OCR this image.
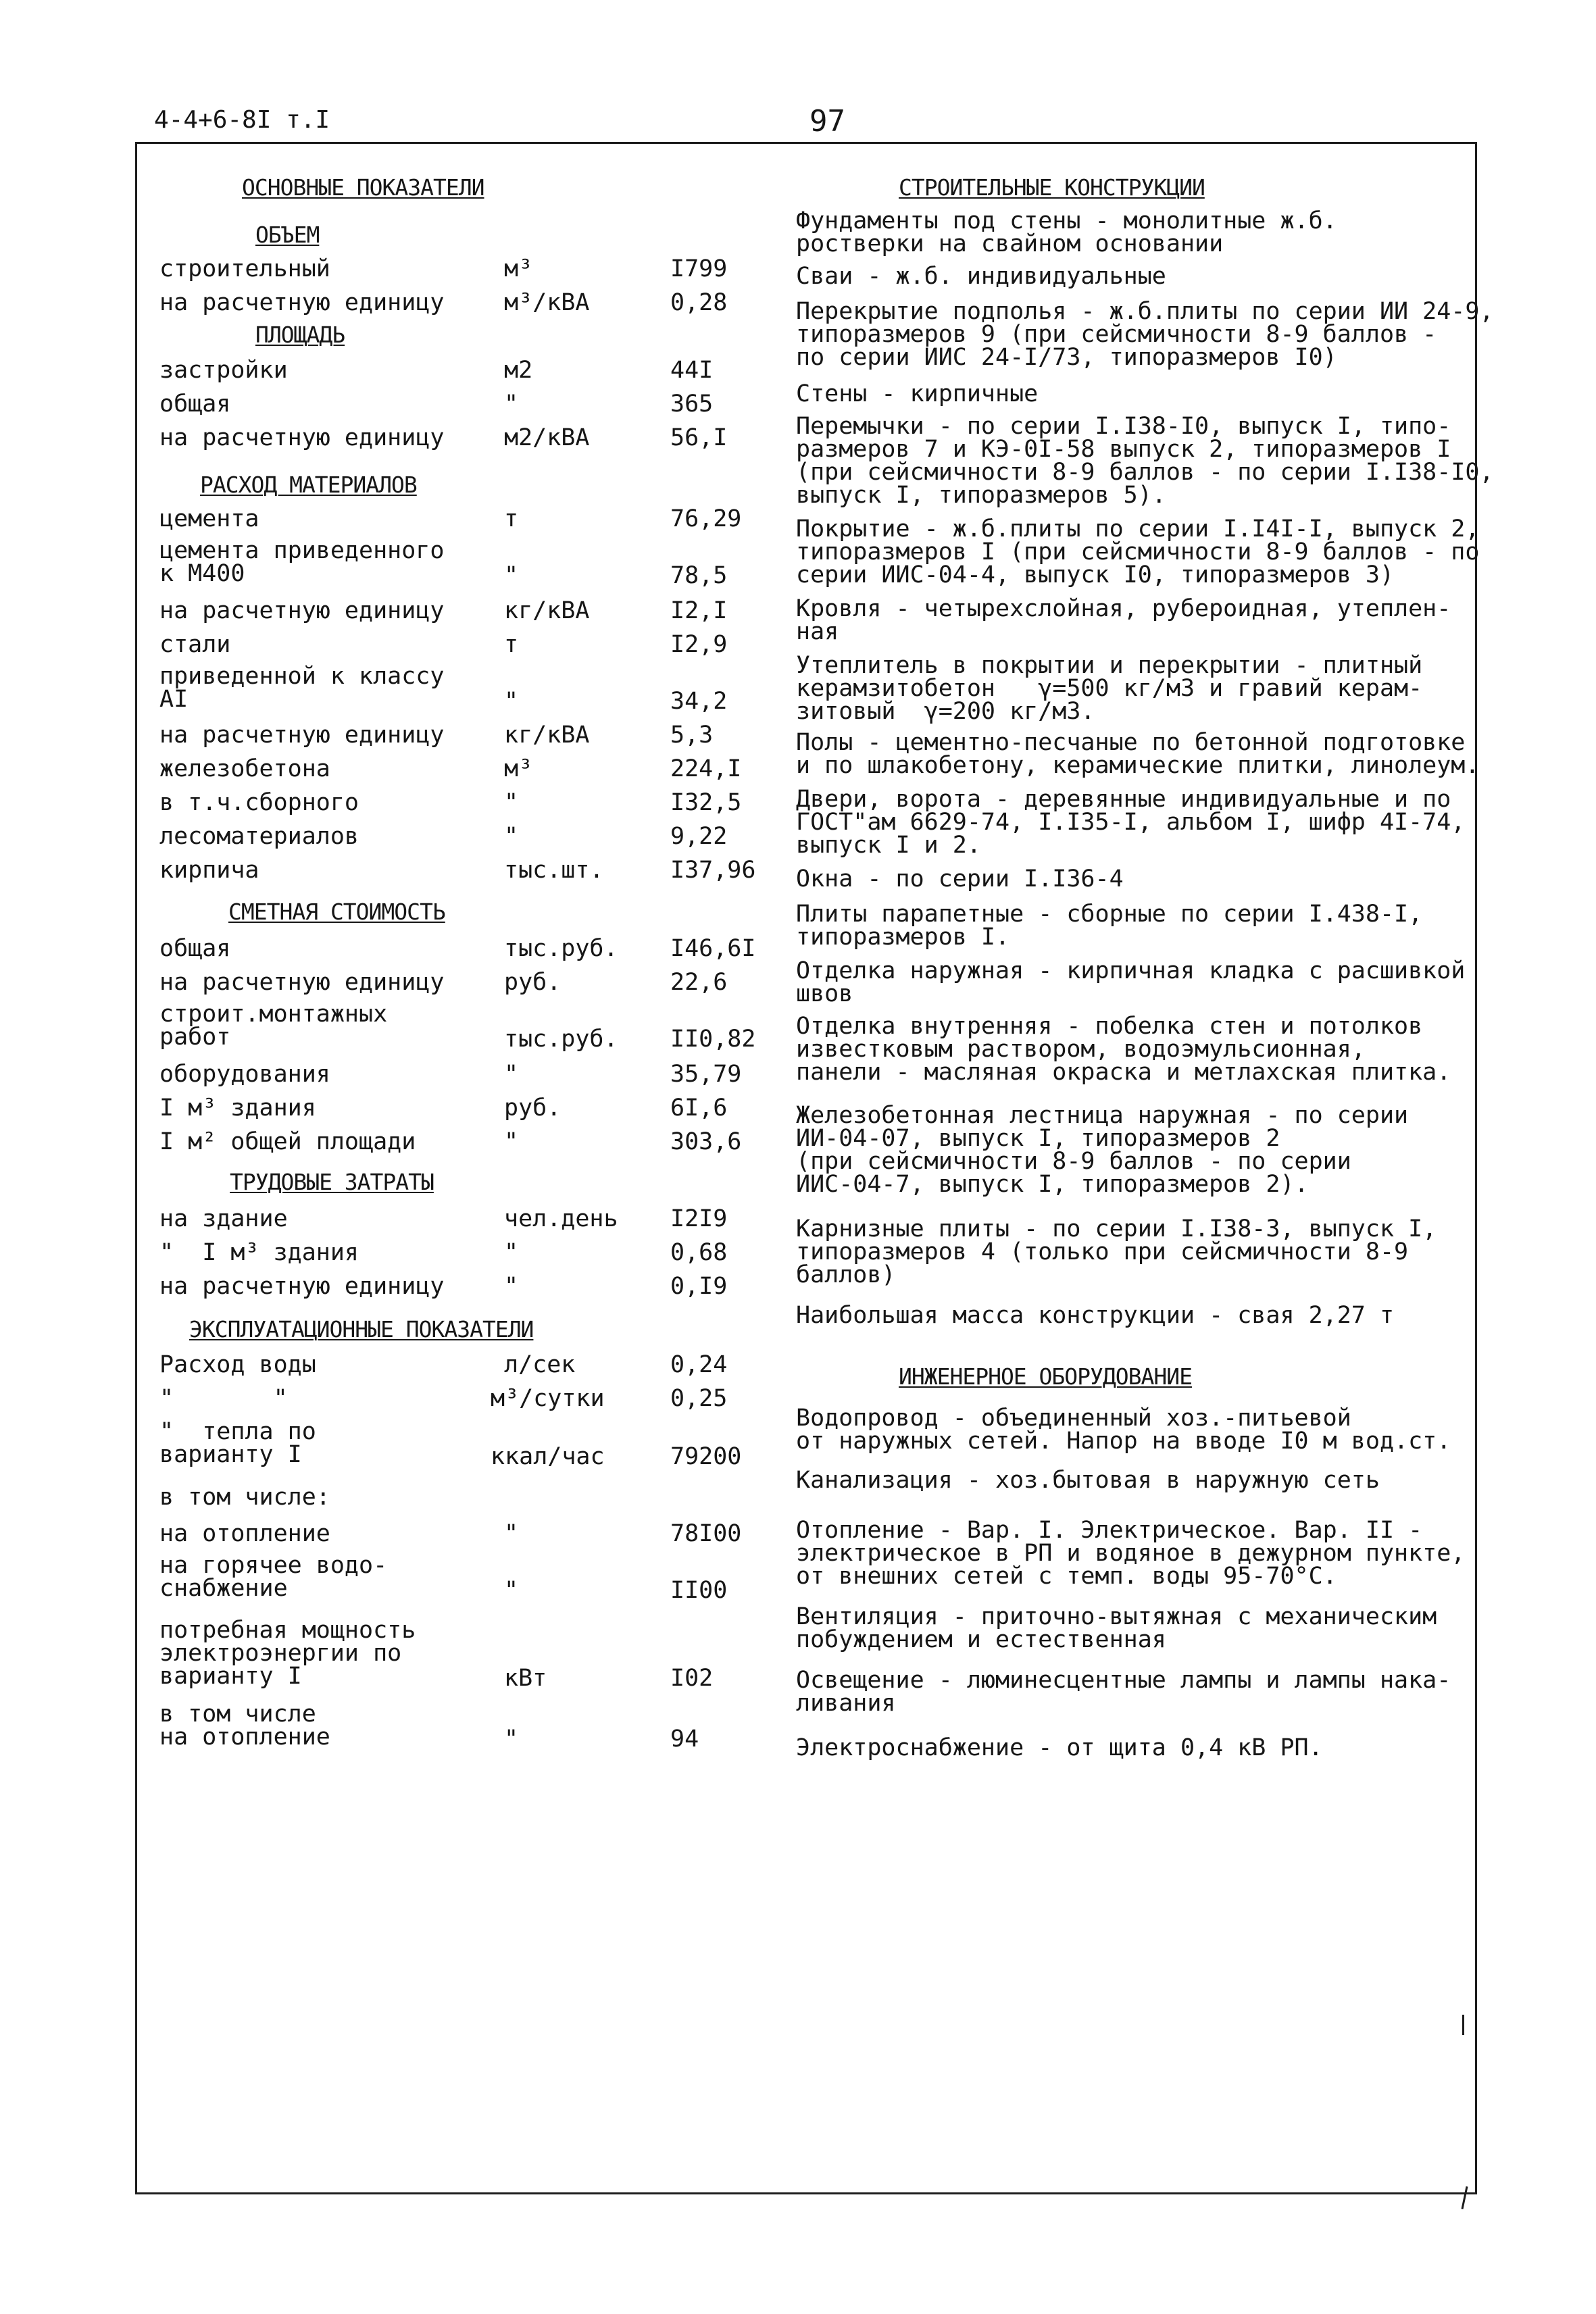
4-4+6-8I т.I	97
ОСНОВНЫЕ ПОКАЗАТЕЛИ
ОБЪЕМ
строительный	м³	I799
на расчетную единицу	м³/кВА	0,28
ПЛОЩАДЬ
застройки	м2	44I
общая	"	365
на расчетную единицу	м2/кВА	56,I
РАСХОД МАТЕРИАЛОВ
цемента	т	76,29
цемента приведенного
к М400	"	78,5
на расчетную единицу	кг/кВА	I2,I
стали	т	I2,9
приведенной к классу
AI	"	34,2
на расчетную единицу	кг/кВА	5,3
железобетона	м³	224,I
в т.ч.сборного	"	I32,5
лесоматериалов	"	9,22
кирпича	тыс.шт.	I37,96
СМЕТНАЯ СТОИМОСТЬ
общая	тыс.руб. I46,6I
на расчетную единицу	руб.	22,6
строит.монтажных
работ	тыс.руб. II0,82
оборудования	"	35,79
I м³ здания	руб.	6I,6
I м² общей площади	"	303,6
ТРУДОВЫЕ ЗАТРАТЫ
на здание	чел.день I2I9
"  I м³ здания	"	0,68
на расчетную единицу	"	0,I9
ЭКСПЛУАТАЦИОННЫЕ ПОКАЗАТЕЛИ
Расход воды	л/сек	0,24
"       "	м³/сутки	0,25
"  тепла по
варианту I	ккал/час	79200
в том числе:
на отопление	"	78I00
на горячее водо-
снабжение	"	II00
потребная мощность
электроэнергии по
варианту I	кВт	I02
в том числе
на отопление	"	94
СТРОИТЕЛЬНЫЕ КОНСТРУКЦИИ
Фундаменты под стены - монолитные ж.б.
ростверки на свайном основании
Сваи - ж.б. индивидуальные
Перекрытие подполья - ж.б.плиты по серии ИИ 24-9,
типоразмеров 9 (при сейсмичности 8-9 баллов -
по серии ИИС 24-I/73, типоразмеров I0)
Стены - кирпичные
Перемычки - по серии I.I38-I0, выпуск I, типо-
размеров 7 и КЭ-0I-58 выпуск 2, типоразмеров I
(при сейсмичности 8-9 баллов - по серии I.I38-I0,
выпуск I, типоразмеров 5).
Покрытие - ж.б.плиты по серии I.I4I-I, выпуск 2,
типоразмеров I (при сейсмичности 8-9 баллов - по
серии ИИС-04-4, выпуск I0, типоразмеров 3)
Кровля - четырехслойная, рубероидная, утеплен-
ная
Утеплитель в покрытии и перекрытии - плитный
керамзитобетон   γ=500 кг/м3 и гравий керам-
зитовый  γ=200 кг/м3.
Полы - цементно-песчаные по бетонной подготовке
и по шлакобетону, керамические плитки, линолеум.
Двери, ворота - деревянные индивидуальные и по
ГОСТ"ам 6629-74, I.I35-I, альбом I, шифр 4I-74,
выпуск I и 2.
Окна - по серии I.I36-4
Плиты парапетные - сборные по серии I.438-I,
типоразмеров I.
Отделка наружная - кирпичная кладка с расшивкой
швов
Отделка внутренняя - побелка стен и потолков
известковым раствором, водоэмульсионная,
панели - масляная окраска и метлахская плитка.
Железобетонная лестница наружная - по серии
ИИ-04-07, выпуск I, типоразмеров 2
(при сейсмичности 8-9 баллов - по серии
ИИС-04-7, выпуск I, типоразмеров 2).
Карнизные плиты - по серии I.I38-3, выпуск I,
типоразмеров 4 (только при сейсмичности 8-9
баллов)
Наибольшая масса конструкции - свая 2,27 т
ИНЖЕНЕРНОЕ ОБОРУДОВАНИЕ
Водопровод - объединенный хоз.-питьевой
от наружных сетей. Напор на вводе I0 м вод.ст.
Канализация - хоз.бытовая в наружную сеть
Отопление - Вар. I. Электрическое. Вар. II -
электрическое в РП и водяное в дежурном пункте,
от внешних сетей с темп. воды 95-70°С.
Вентиляция - приточно-вытяжная с механическим
побуждением и естественная
Освещение - люминесцентные лампы и лампы нака-
ливания
Электроснабжение - от щита 0,4 кВ РП.
